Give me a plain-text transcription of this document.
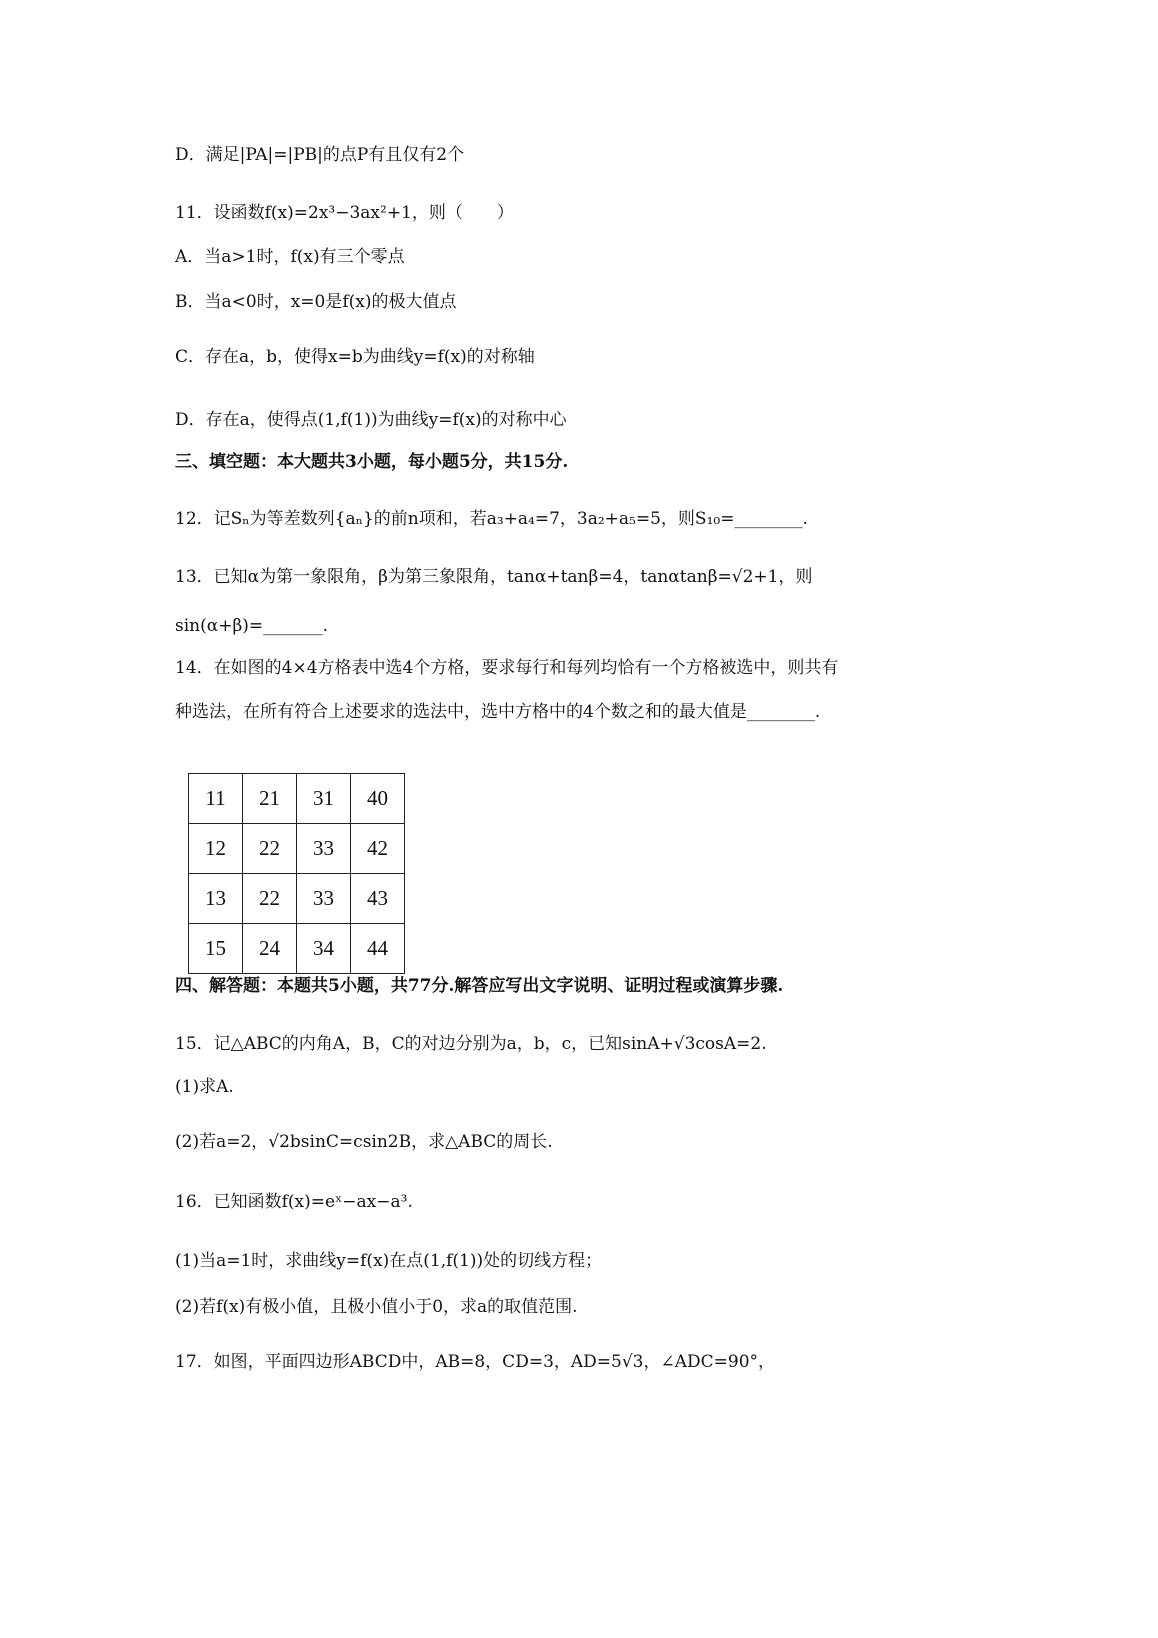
D．满足|PA|=|PB|的点P有且仅有2个
11．设函数f(x)=2x³−3ax²+1，则（　　）
A．当a>1时，f(x)有三个零点
B．当a<0时，x=0是f(x)的极大值点
C．存在a，b，使得x=b为曲线y=f(x)的对称轴
D．存在a，使得点(1,f(1))为曲线y=f(x)的对称中心
三、填空题：本大题共3小题，每小题5分，共15分.
12．记Sₙ为等差数列{aₙ}的前n项和，若a₃+a₄=7，3a₂+a₅=5，则S₁₀=________.
13．已知α为第一象限角，β为第三象限角，tanα+tanβ=4，tanαtanβ=√2+1，则
sin(α+β)=_______.
14．在如图的4×4方格表中选4个方格，要求每行和每列均恰有一个方格被选中，则共有
种选法，在所有符合上述要求的选法中，选中方格中的4个数之和的最大值是________.
11	21	31	40
12	22	33	42
13	22	33	43
15	24	34	44
四、解答题：本题共5小题，共77分.解答应写出文字说明、证明过程或演算步骤.
15．记△ABC的内角A，B，C的对边分别为a，b，c，已知sinA+√3cosA=2.
(1)求A.
(2)若a=2，√2bsinC=csin2B，求△ABC的周长.
16．已知函数f(x)=eˣ−ax−a³.
(1)当a=1时，求曲线y=f(x)在点(1,f(1))处的切线方程；
(2)若f(x)有极小值，且极小值小于0，求a的取值范围.
17．如图，平面四边形ABCD中，AB=8，CD=3，AD=5√3，∠ADC=90°，
